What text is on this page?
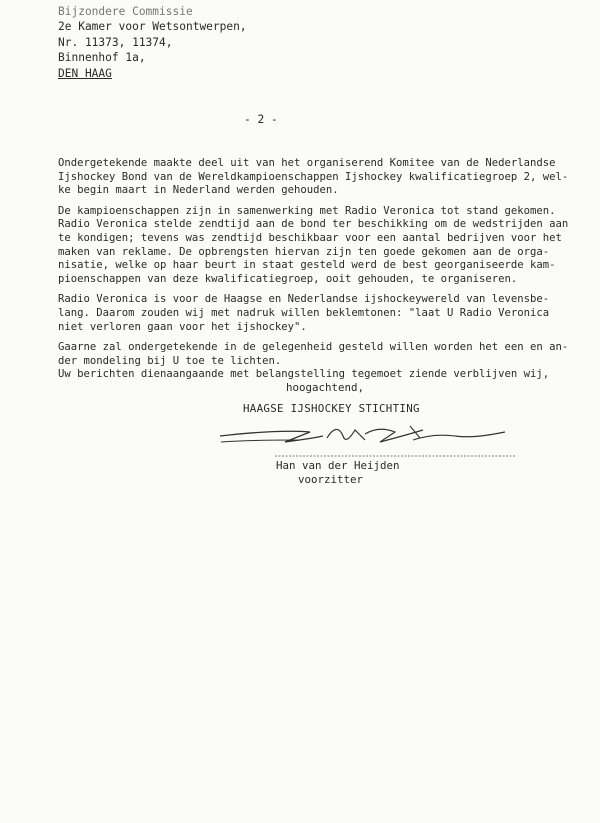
Bijzondere Commissie
2e Kamer voor Wetsontwerpen,
Nr. 11373, 11374,
Binnenhof 1a,
DEN HAAG
- 2 -

Ondergetekende maakte deel uit van het organiserend Komitee van de Nederlandse
Ijshockey Bond van de Wereldkampioenschappen Ijshockey kwalificatiegroep 2, wel-
ke begin maart in Nederland werden gehouden.

De kampioenschappen zijn in samenwerking met Radio Veronica tot stand gekomen.
Radio Veronica stelde zendtijd aan de bond ter beschikking om de wedstrijden aan
te kondigen; tevens was zendtijd beschikbaar voor een aantal bedrijven voor het
maken van reklame. De opbrengsten hiervan zijn ten goede gekomen aan de orga-
nisatie, welke op haar beurt in staat gesteld werd de best georganiseerde kam-
pioenschappen van deze kwalificatiegroep, ooit gehouden, te organiseren.

Radio Veronica is voor de Haagse en Nederlandse ijshockeywereld van levensbe-
lang. Daarom zouden wij met nadruk willen beklemtonen: "laat U Radio Veronica
niet verloren gaan voor het ijshockey".

Gaarne zal ondergetekende in de gelegenheid gesteld willen worden het een en an-
der mondeling bij U toe te lichten.
Uw berichten dienaangaande met belangstelling tegemoet ziende verblijven wij,

hoogachtend,
HAAGSE IJSHOCKEY STICHTING
Han van der Heijden
voorzitter
